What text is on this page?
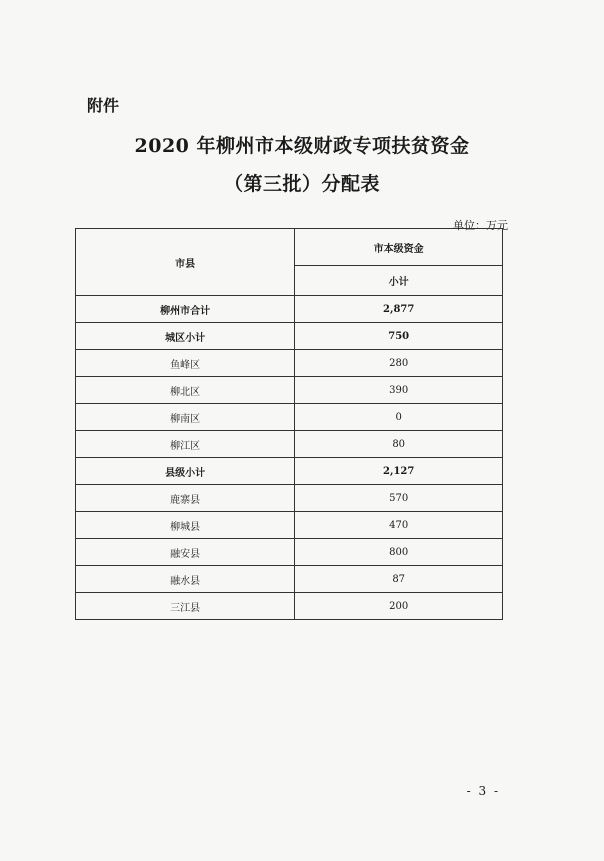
附件
2020 年柳州市本级财政专项扶贫资金
（第三批）分配表
单位：万元
市县	市本级资金
	小计
柳州市合计	2,877
城区小计	750
鱼峰区	280
柳北区	390
柳南区	0
柳江区	80
县级小计	2,127
鹿寨县	570
柳城县	470
融安县	800
融水县	87
三江县	200
- 3 -
